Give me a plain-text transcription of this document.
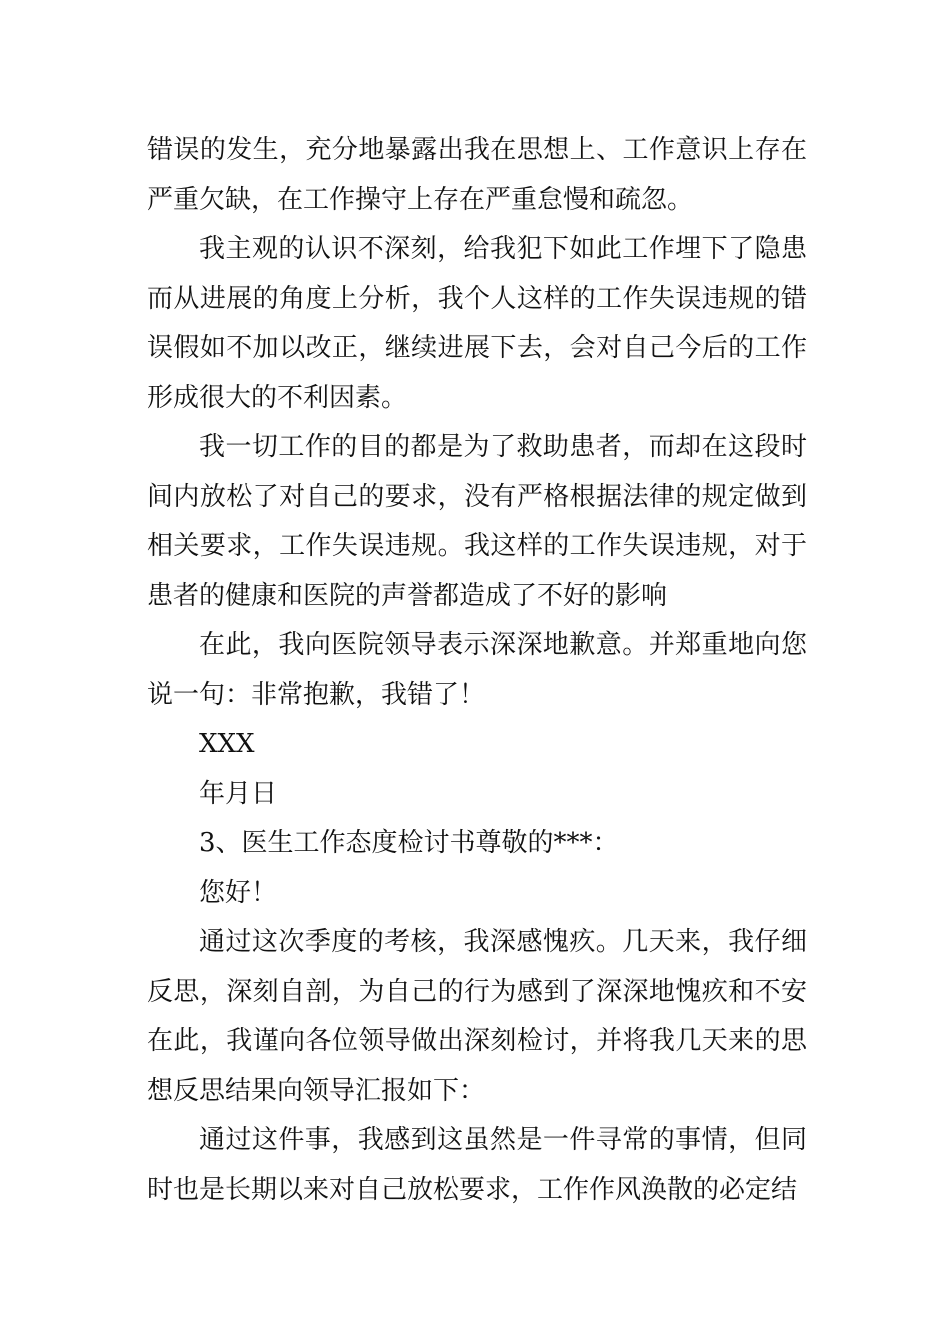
错误的发生，充分地暴露出我在思想上、工作意识上存在严重欠缺，在工作操守上存在严重怠慢和疏忽。

我主观的认识不深刻，给我犯下如此工作埋下了隐患而从进展的角度上分析，我个人这样的工作失误违规的错误假如不加以改正，继续进展下去，会对自己今后的工作形成很大的不利因素。

我一切工作的目的都是为了救助患者，而却在这段时间内放松了对自己的要求，没有严格根据法律的规定做到相关要求，工作失误违规。我这样的工作失误违规，对于患者的健康和医院的声誉都造成了不好的影响

在此，我向医院领导表示深深地歉意。并郑重地向您说一句：非常抱歉，我错了！

XXX

年月日

3、医生工作态度检讨书尊敬的***：

您好！

通过这次季度的考核，我深感愧疚。几天来，我仔细反思，深刻自剖，为自己的行为感到了深深地愧疚和不安在此，我谨向各位领导做出深刻检讨，并将我几天来的思想反思结果向领导汇报如下：

通过这件事，我感到这虽然是一件寻常的事情，但同时也是长期以来对自己放松要求，工作作风涣散的必定结
